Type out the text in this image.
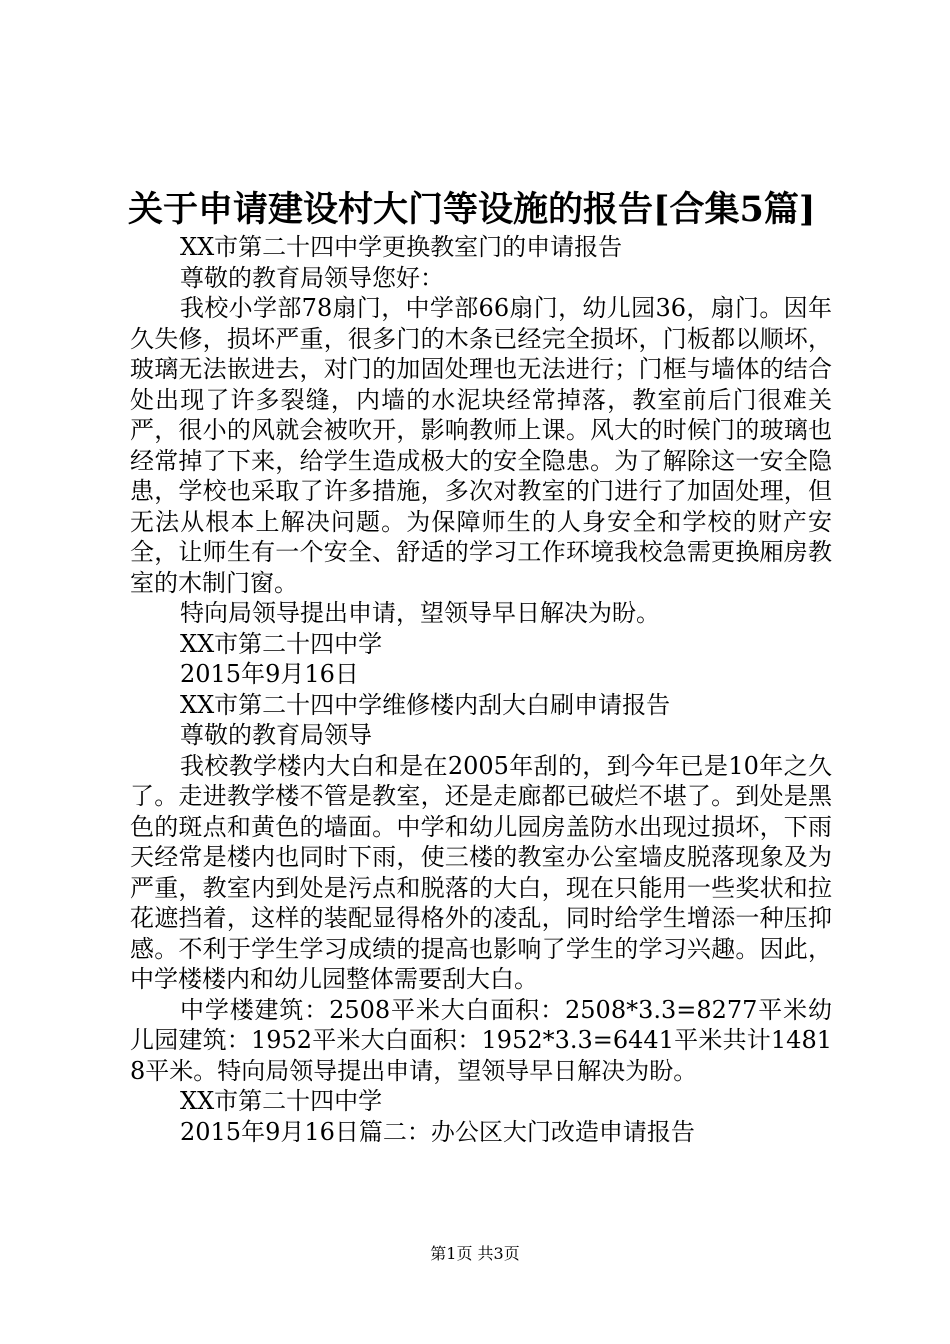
关于申请建设村大门等设施的报告[合集5篇]
XX市第二十四中学更换教室门的申请报告
尊敬的教育局领导您好：
我校小学部78扇门，中学部66扇门，幼儿园36，扇门。因年久失修，损坏严重，很多门的木条已经完全损坏，门板都以顺坏，玻璃无法嵌进去，对门的加固处理也无法进行；门框与墙体的结合处出现了许多裂缝，内墙的水泥块经常掉落，教室前后门很难关严，很小的风就会被吹开，影响教师上课。风大的时候门的玻璃也经常掉了下来，给学生造成极大的安全隐患。为了解除这一安全隐患，学校也采取了许多措施，多次对教室的门进行了加固处理，但无法从根本上解决问题。为保障师生的人身安全和学校的财产安全，让师生有一个安全、舒适的学习工作环境我校急需更换厢房教室的木制门窗。
特向局领导提出申请，望领导早日解决为盼。
XX市第二十四中学
2015年9月16日
XX市第二十四中学维修楼内刮大白刷申请报告
尊敬的教育局领导
我校教学楼内大白和是在2005年刮的，到今年已是10年之久了。走进教学楼不管是教室，还是走廊都已破烂不堪了。到处是黑色的斑点和黄色的墙面。中学和幼儿园房盖防水出现过损坏，下雨天经常是楼内也同时下雨，使三楼的教室办公室墙皮脱落现象及为严重，教室内到处是污点和脱落的大白，现在只能用一些奖状和拉花遮挡着，这样的装配显得格外的凌乱，同时给学生增添一种压抑感。不利于学生学习成绩的提高也影响了学生的学习兴趣。因此，中学楼楼内和幼儿园整体需要刮大白。
中学楼建筑：2508平米大白面积：2508*3.3=8277平米幼儿园建筑：1952平米大白面积：1952*3.3=6441平米共计14818平米。特向局领导提出申请，望领导早日解决为盼。
XX市第二十四中学
2015年9月16日篇二：办公区大门改造申请报告
第1页 共3页
